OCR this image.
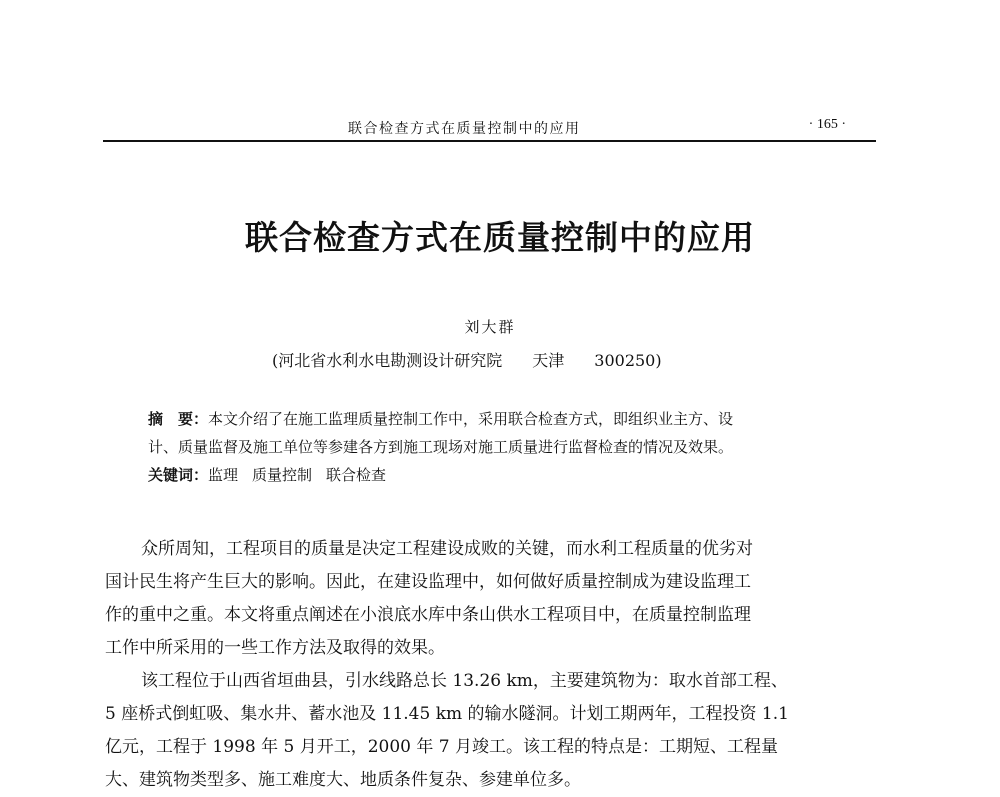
联合检查方式在质量控制中的应用	· 165 ·
联合检查方式在质量控制中的应用
刘大群
(河北省水利水电勘测设计研究院 天津 300250)
摘　要：本文介绍了在施工监理质量控制工作中，采用联合检查方式，即组织业主方、设
计、质量监督及施工单位等参建各方到施工现场对施工质量进行监督检查的情况及效果。
关键词：监理 质量控制 联合检查
众所周知，工程项目的质量是决定工程建设成败的关键，而水利工程质量的优劣对
国计民生将产生巨大的影响。因此，在建设监理中，如何做好质量控制成为建设监理工
作的重中之重。本文将重点阐述在小浪底水库中条山供水工程项目中，在质量控制监理
工作中所采用的一些工作方法及取得的效果。
该工程位于山西省垣曲县，引水线路总长 13.26 km，主要建筑物为：取水首部工程、
5 座桥式倒虹吸、集水井、蓄水池及 11.45 km 的输水隧洞。计划工期两年，工程投资 1.1
亿元，工程于 1998 年 5 月开工，2000 年 7 月竣工。该工程的特点是：工期短、工程量
大、建筑物类型多、施工难度大、地质条件复杂、参建单位多。
